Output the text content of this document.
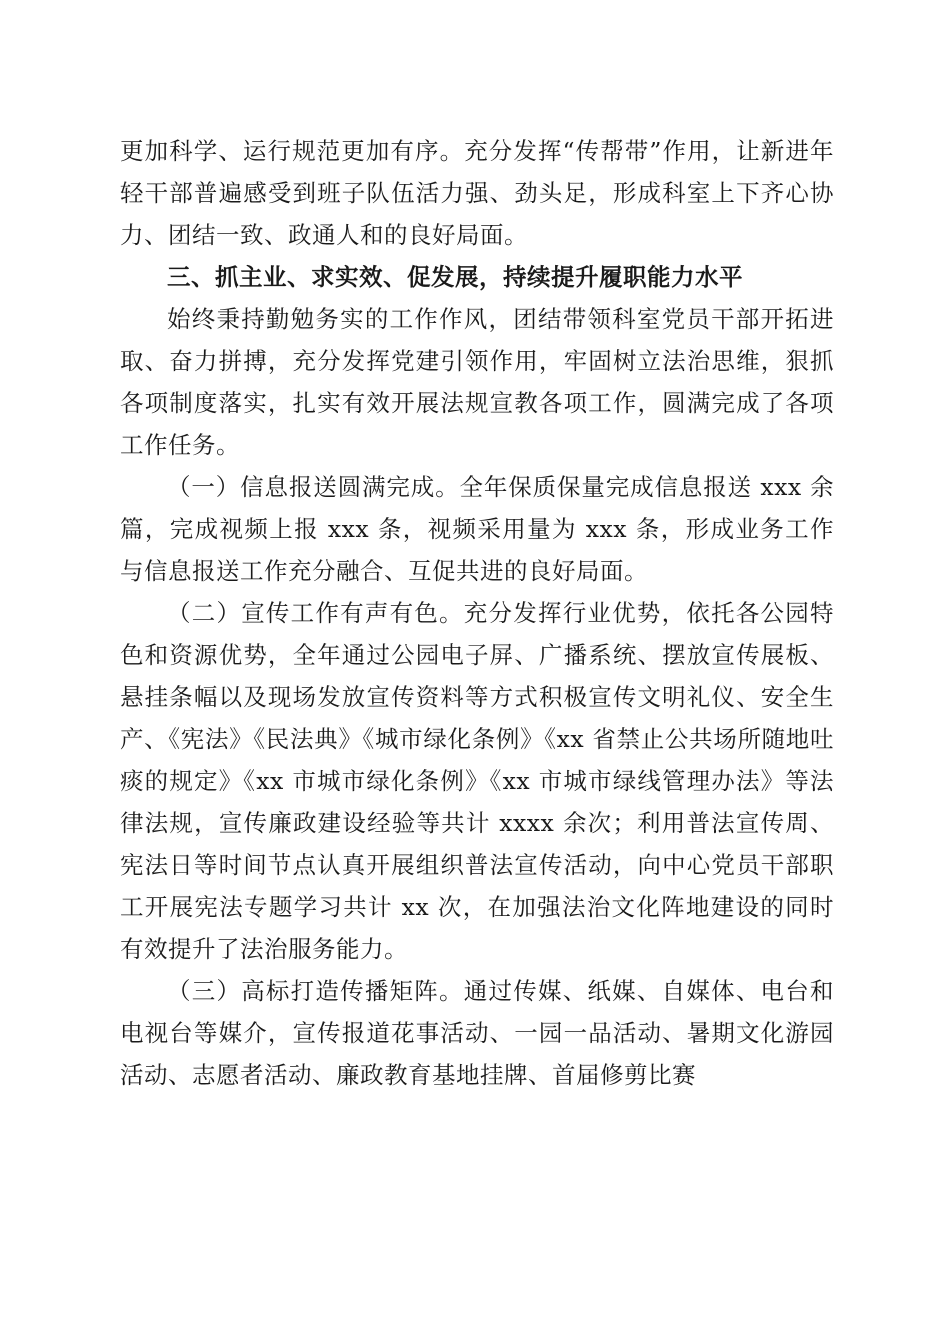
更加科学、运行规范更加有序。充分发挥“传帮带”作用，让新进年轻干部普遍感受到班子队伍活力强、劲头足，形成科室上下齐心协力、团结一致、政通人和的良好局面。

三、抓主业、求实效、促发展，持续提升履职能力水平

始终秉持勤勉务实的工作作风，团结带领科室党员干部开拓进取、奋力拼搏，充分发挥党建引领作用，牢固树立法治思维，狠抓各项制度落实，扎实有效开展法规宣教各项工作，圆满完成了各项工作任务。

（一）信息报送圆满完成。全年保质保量完成信息报送 xxx 余篇，完成视频上报 xxx 条，视频采用量为 xxx 条，形成业务工作与信息报送工作充分融合、互促共进的良好局面。

（二）宣传工作有声有色。充分发挥行业优势，依托各公园特色和资源优势，全年通过公园电子屏、广播系统、摆放宣传展板、悬挂条幅以及现场发放宣传资料等方式积极宣传文明礼仪、安全生产、《宪法》《民法典》《城市绿化条例》《xx 省禁止公共场所随地吐痰的规定》《xx 市城市绿化条例》《xx 市城市绿线管理办法》等法律法规，宣传廉政建设经验等共计 xxxx 余次；利用普法宣传周、宪法日等时间节点认真开展组织普法宣传活动，向中心党员干部职工开展宪法专题学习共计 xx 次，在加强法治文化阵地建设的同时有效提升了法治服务能力。

（三）高标打造传播矩阵。通过传媒、纸媒、自媒体、电台和电视台等媒介，宣传报道花事活动、一园一品活动、暑期文化游园活动、志愿者活动、廉政教育基地挂牌、首届修剪比赛
